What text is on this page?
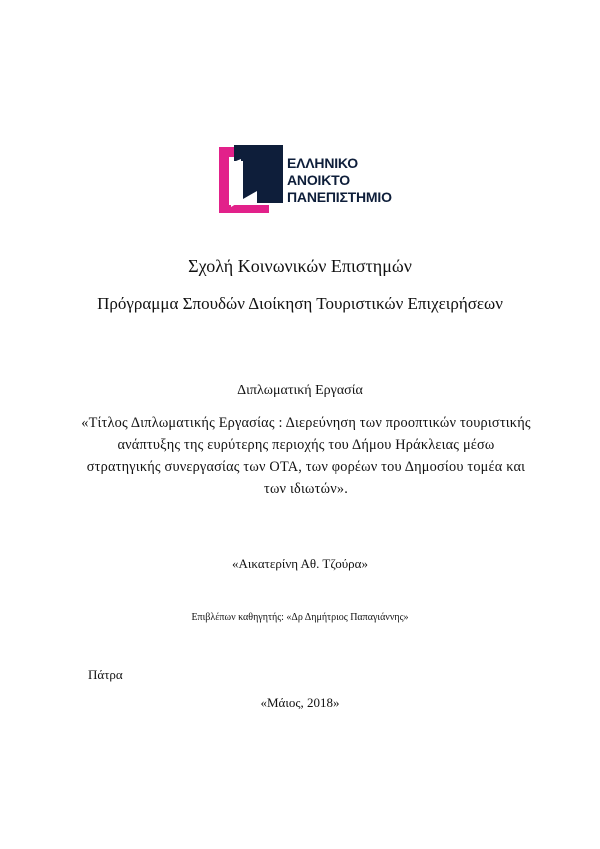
ΕΛΛΗΝΙΚΟ
ΑΝΟΙΚΤΟ
ΠΑΝΕΠΙΣΤΗΜΙΟ
Σχολή Κοινωνικών Επιστημών
Πρόγραμμα Σπουδών Διοίκηση Τουριστικών Επιχειρήσεων
Διπλωματική Εργασία
«Τίτλος Διπλωματικής Εργασίας : Διερεύνηση των προοπτικών τουριστικής ανάπτυξης της ευρύτερης περιοχής του Δήμου Ηράκλειας μέσω στρατηγικής συνεργασίας των ΟΤΑ, των φορέων του Δημοσίου τομέα και των ιδιωτών».
«Αικατερίνη Αθ. Τζούρα»
Επιβλέπων καθηγητής: «Δρ Δημήτριος Παπαγιάννης»
Πάτρα
«Μάιος, 2018»
